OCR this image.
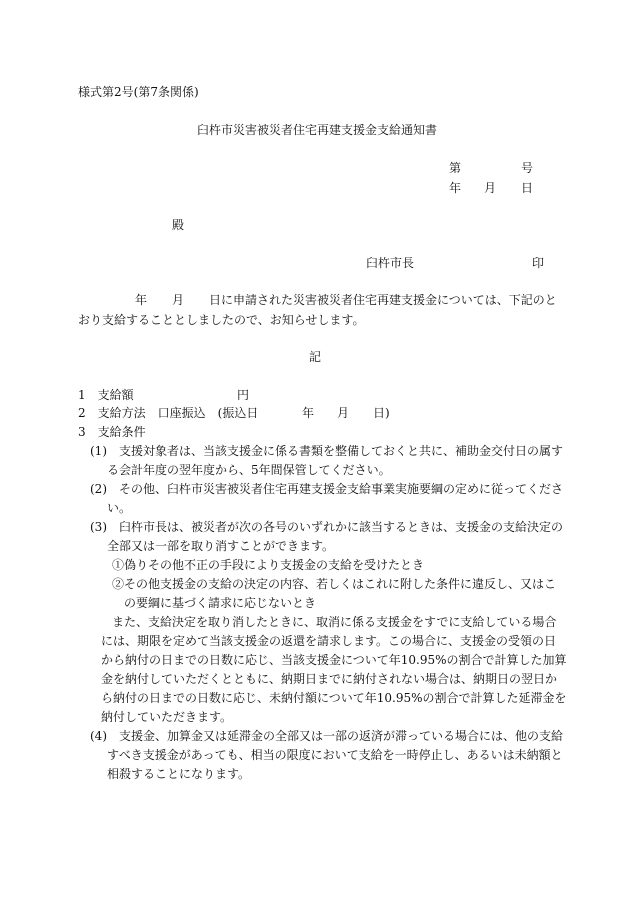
様式第2号(第7条関係)
臼杵市災害被災者住宅再建支援金支給通知書
第	号
年 月 日
殿
臼杵市長	印
年 月 日に申請された災害被災者住宅再建支援金については、下記のと
おり支給することとしましたので、お知らせします。
記
1　支給額	円
2　支給方法　口座振込　(振込日	年 月 日)
3　支給条件
(1)　支援対象者は、当該支援金に係る書類を整備しておくと共に、補助金交付日の属す
る会計年度の翌年度から、5年間保管してください。
(2)　その他、臼杵市災害被災者住宅再建支援金支給事業実施要綱の定めに従ってくださ
い。
(3)　臼杵市長は、被災者が次の各号のいずれかに該当するときは、支援金の支給決定の
全部又は一部を取り消すことができます。
①偽りその他不正の手段により支援金の支給を受けたとき
②その他支援金の支給の決定の内容、若しくはこれに附した条件に違反し、又はこ
の要綱に基づく請求に応じないとき
また、支給決定を取り消したときに、取消に係る支援金をすでに支給している場合
には、期限を定めて当該支援金の返還を請求します。この場合に、支援金の受領の日
から納付の日までの日数に応じ、当該支援金について年10.95%の割合で計算した加算
金を納付していただくとともに、納期日までに納付されない場合は、納期日の翌日か
ら納付の日までの日数に応じ、未納付額について年10.95%の割合で計算した延滞金を
納付していただきます。
(4)　支援金、加算金又は延滞金の全部又は一部の返済が滞っている場合には、他の支給
すべき支援金があっても、相当の限度において支給を一時停止し、あるいは未納額と
相殺することになります。
